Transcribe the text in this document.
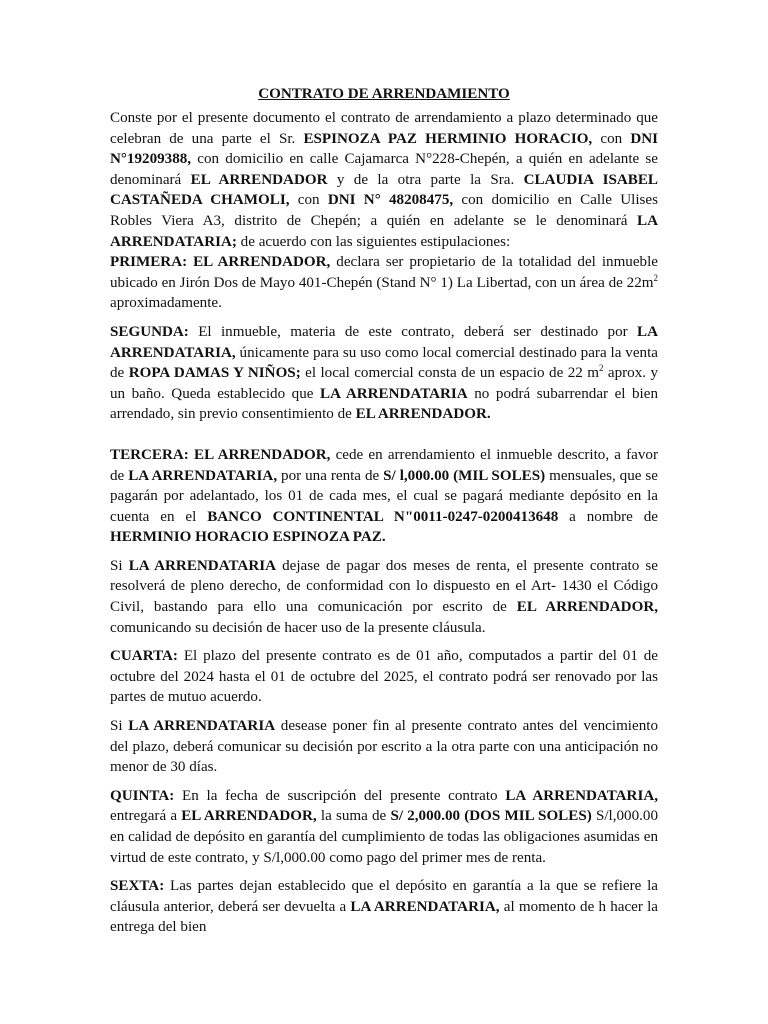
CONTRATO DE ARRENDAMIENTO

Conste por el presente documento el contrato de arrendamiento a plazo determinado que celebran de una parte el Sr. ESPINOZA PAZ HERMINIO HORACIO, con DNI N°19209388, con domicilio en calle Cajamarca N°228-Chepén, a quién en adelante se denominará EL ARRENDADOR y de la otra parte la Sra. CLAUDIA ISABEL CASTAÑEDA CHAMOLI, con DNI N° 48208475, con domicilio en Calle Ulises Robles Viera A3, distrito de Chepén; a quién en adelante se le denominará LA ARRENDATARIA; de acuerdo con las siguientes estipulaciones:

PRIMERA: EL ARRENDADOR, declara ser propietario de la totalidad del inmueble ubicado en Jirón Dos de Mayo 401-Chepén (Stand N° 1) La Libertad, con un área de $22m^2$ aproximadamente.

SEGUNDA: El inmueble, materia de este contrato, deberá ser destinado por LA ARRENDATARIA, únicamente para su uso como local comercial destinado para la venta de ROPA DAMAS Y NIÑOS; el local comercial consta de un espacio de 22 $m^2$ aprox. y un baño. Queda establecido que LA ARRENDATARIA no podrá subarrendar el bien arrendado, sin previo consentimiento de EL ARRENDADOR.

TERCERA: EL ARRENDADOR, cede en arrendamiento el inmueble descrito, a favor de LA ARRENDATARIA, por una renta de S/ l,000.00 (MIL SOLES) mensuales, que se pagarán por adelantado, los 01 de cada mes, el cual se pagará mediante depósito en la cuenta en el BANCO CONTINENTAL N"0011-0247-0200413648 a nombre de HERMINIO HORACIO ESPINOZA PAZ.

Si LA ARRENDATARIA dejase de pagar dos meses de renta, el presente contrato se resolverá de pleno derecho, de conformidad con lo dispuesto en el Art- 1430 el Código Civil, bastando para ello una comunicación por escrito de EL ARRENDADOR, comunicando su decisión de hacer uso de la presente cláusula.

CUARTA: El plazo del presente contrato es de 01 año, computados a partir del 01 de octubre del 2024 hasta el 01 de octubre del 2025, el contrato podrá ser renovado por las partes de mutuo acuerdo.

Si LA ARRENDATARIA desease poner fin al presente contrato antes del vencimiento del plazo, deberá comunicar su decisión por escrito a la otra parte con una anticipación no menor de 30 días.

QUINTA: En la fecha de suscripción del presente contrato LA ARRENDATARIA, entregará a EL ARRENDADOR, la suma de S/ 2,000.00 (DOS MIL SOLES) S/l,000.00 en calidad de depósito en garantía del cumplimiento de todas las obligaciones asumidas en virtud de este contrato, y S/l,000.00 como pago del primer mes de renta.

SEXTA: Las partes dejan establecido que el depósito en garantía a la que se refiere la cláusula anterior, deberá ser devuelta a LA ARRENDATARIA, al momento de h hacer la entrega del bien
